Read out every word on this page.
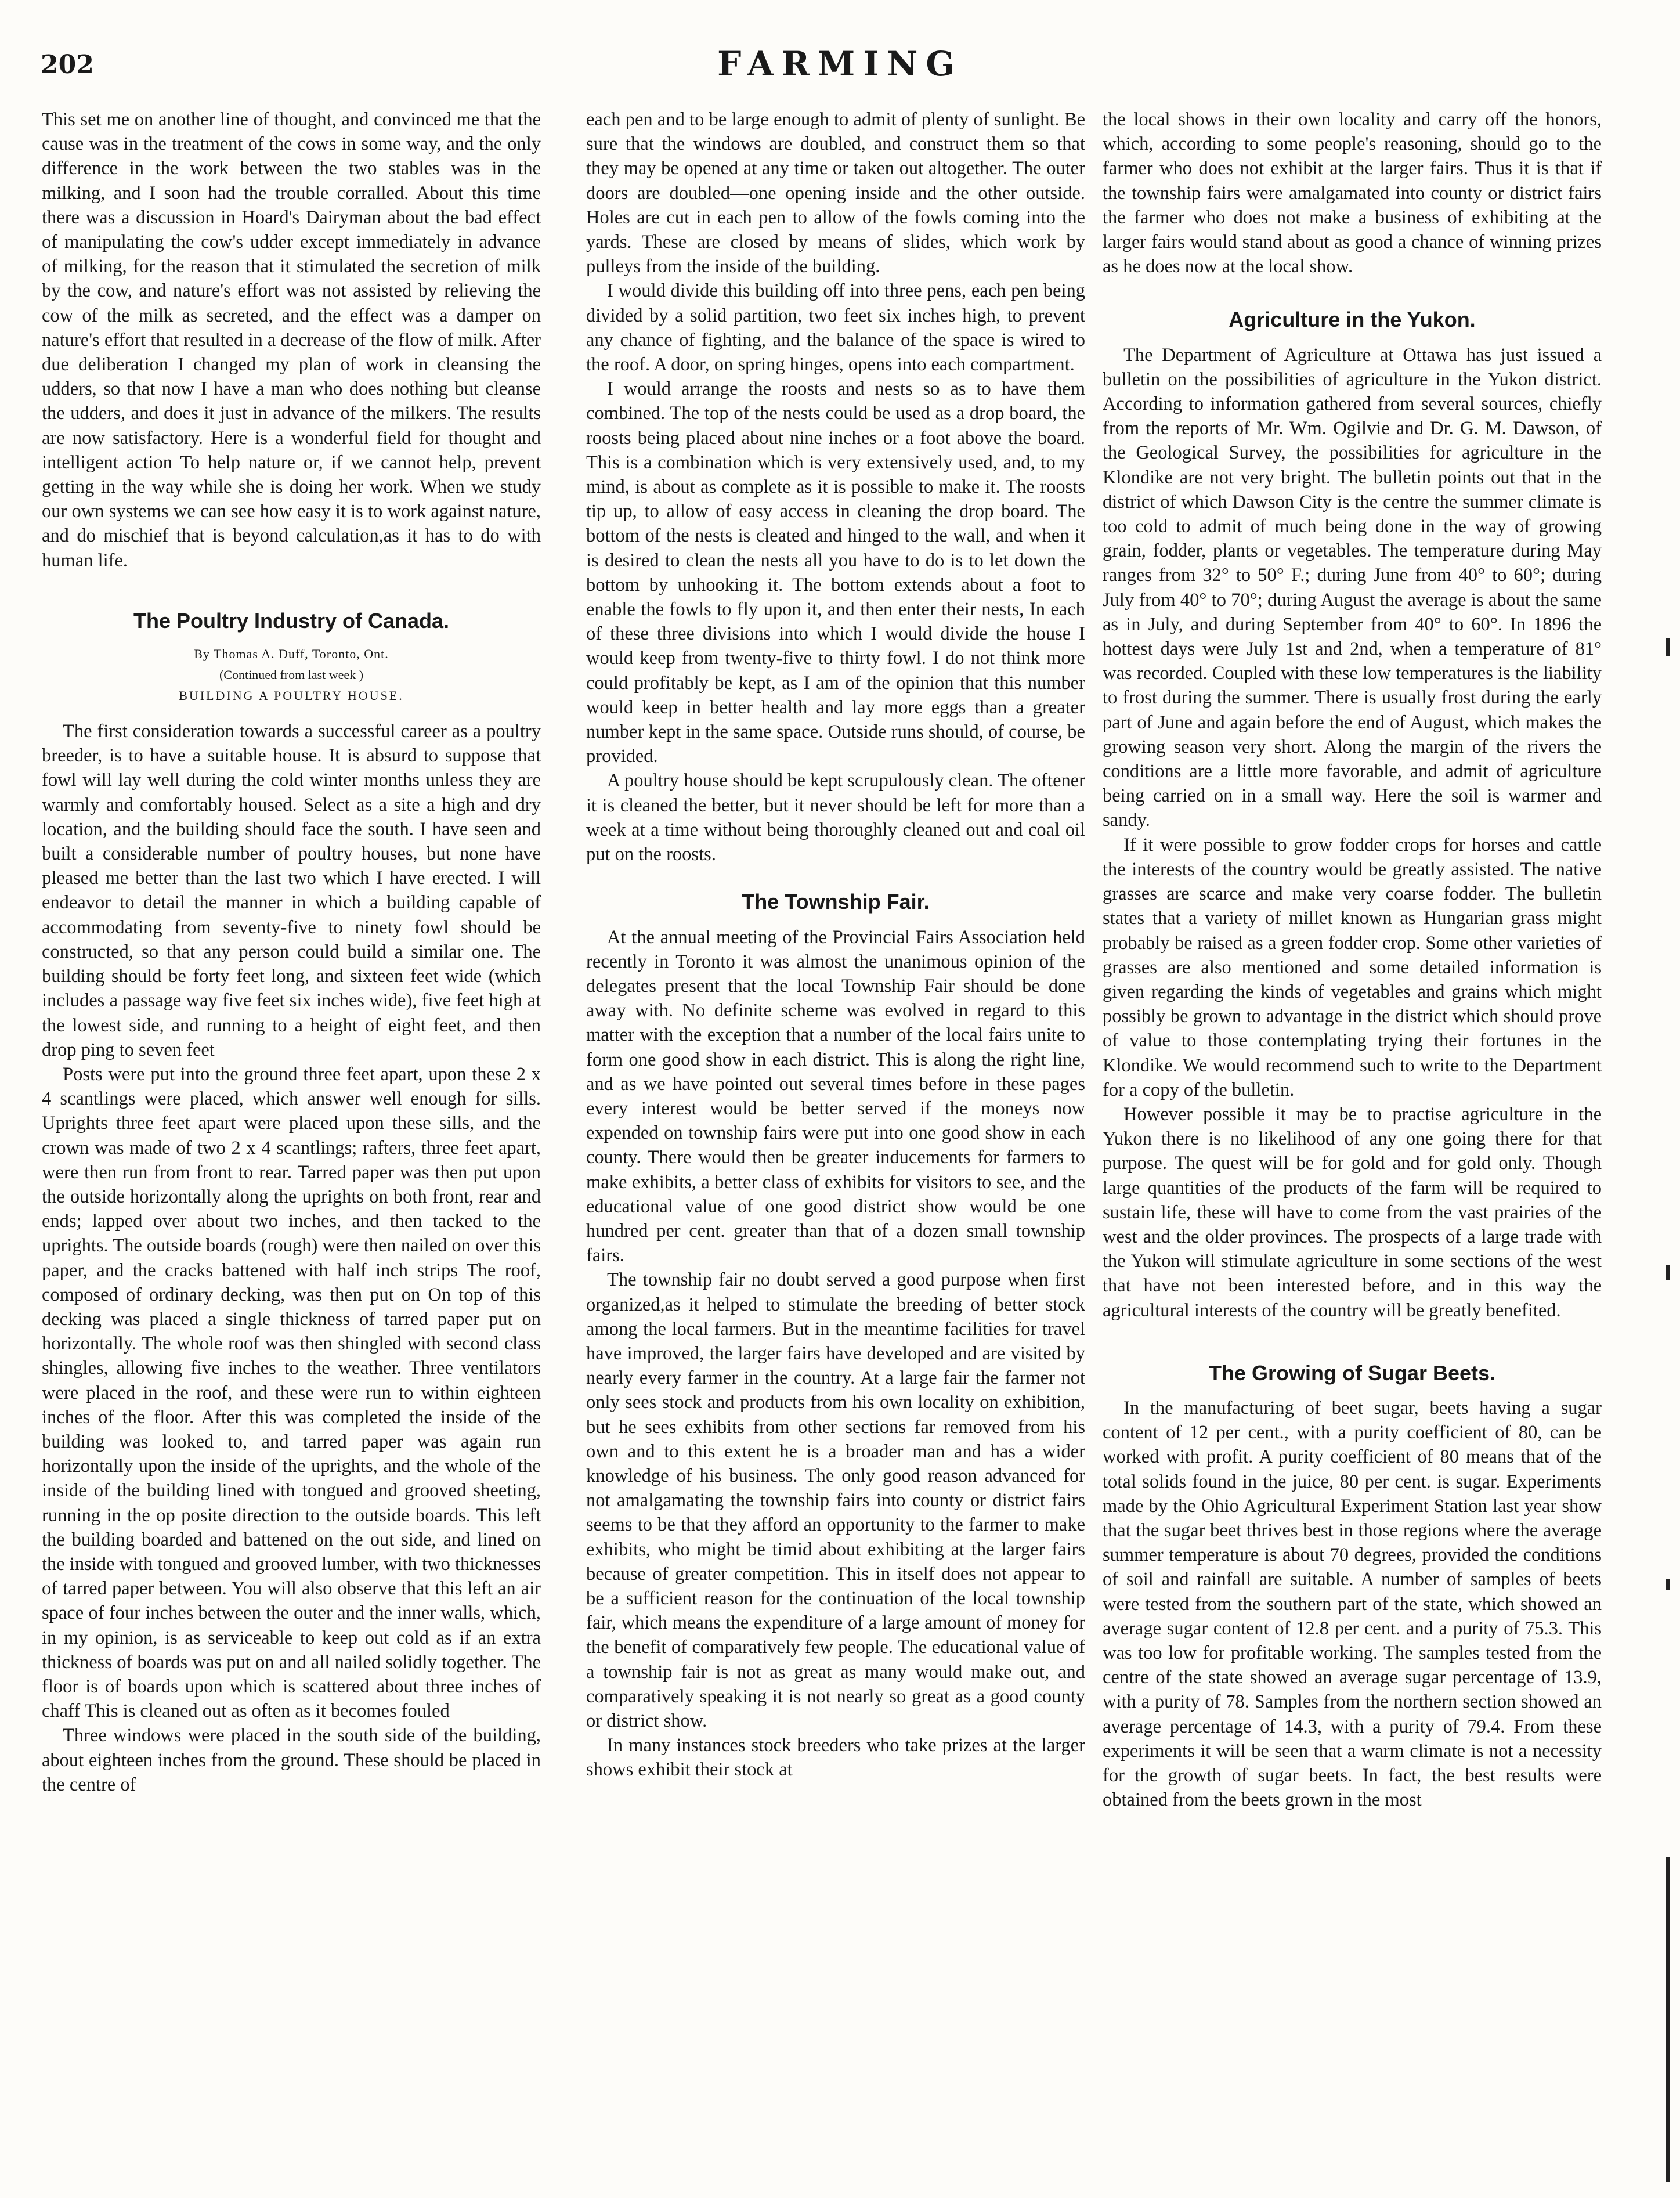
202	FARMING

This set me on another line of thought, and convinced me that the cause was in the treatment of the cows in some way, and the only difference in the work between the two stables was in the milking, and I soon had the trouble corralled. About this time there was a discussion in Hoard's Dairyman about the bad effect of manipulating the cow's udder except immediately in advance of milking, for the reason that it stimulated the secretion of milk by the cow, and nature's effort was not assisted by relieving the cow of the milk as secreted, and the effect was a damper on nature's effort that resulted in a decrease of the flow of milk. After due deliberation I changed my plan of work in cleansing the udders, so that now I have a man who does nothing but cleanse the udders, and does it just in advance of the milkers. The results are now satisfactory. Here is a wonderful field for thought and intelligent action To help nature or, if we cannot help, prevent getting in the way while she is doing her work. When we study our own systems we can see how easy it is to work against nature, and do mischief that is beyond calculation,as it has to do with human life.

The Poultry Industry of Canada.
By Thomas A. Duff, Toronto, Ont.
(Continued from last week )
BUILDING A POULTRY HOUSE.

The first consideration towards a successful career as a poultry breeder, is to have a suitable house. It is absurd to suppose that fowl will lay well during the cold winter months unless they are warmly and comfortably housed. Select as a site a high and dry location, and the building should face the south. I have seen and built a considerable number of poultry houses, but none have pleased me better than the last two which I have erected. I will endeavor to detail the manner in which a building capable of accommodating from seventy-five to ninety fowl should be constructed, so that any person could build a similar one. The building should be forty feet long, and sixteen feet wide (which includes a passage way five feet six inches wide), five feet high at the lowest side, and running to a height of eight feet, and then drop ping to seven feet

Posts were put into the ground three feet apart, upon these 2 x 4 scantlings were placed, which answer well enough for sills. Uprights three feet apart were placed upon these sills, and the crown was made of two 2 x 4 scantlings; rafters, three feet apart, were then run from front to rear. Tarred paper was then put upon the outside horizontally along the uprights on both front, rear and ends; lapped over about two inches, and then tacked to the uprights. The outside boards (rough) were then nailed on over this paper, and the cracks battened with half inch strips The roof, composed of ordinary decking, was then put on On top of this decking was placed a single thickness of tarred paper put on horizontally. The whole roof was then shingled with second class shingles, allowing five inches to the weather. Three ventilators were placed in the roof, and these were run to within eighteen inches of the floor. After this was completed the inside of the building was looked to, and tarred paper was again run horizontally upon the inside of the uprights, and the whole of the inside of the building lined with tongued and grooved sheeting, running in the op posite direction to the outside boards. This left the building boarded and battened on the out side, and lined on the inside with tongued and grooved lumber, with two thicknesses of tarred paper between. You will also observe that this left an air space of four inches between the outer and the inner walls, which, in my opinion, is as serviceable to keep out cold as if an extra thickness of boards was put on and all nailed solidly together. The floor is of boards upon which is scattered about three inches of chaff This is cleaned out as often as it becomes fouled

Three windows were placed in the south side of the building, about eighteen inches from the ground. These should be placed in the centre of

each pen and to be large enough to admit of plenty of sunlight. Be sure that the windows are doubled, and construct them so that they may be opened at any time or taken out altogether. The outer doors are doubled—one opening inside and the other outside. Holes are cut in each pen to allow of the fowls coming into the yards. These are closed by means of slides, which work by pulleys from the inside of the building.

I would divide this building off into three pens, each pen being divided by a solid partition, two feet six inches high, to prevent any chance of fighting, and the balance of the space is wired to the roof. A door, on spring hinges, opens into each compartment.

I would arrange the roosts and nests so as to have them combined. The top of the nests could be used as a drop board, the roosts being placed about nine inches or a foot above the board. This is a combination which is very extensively used, and, to my mind, is about as complete as it is possible to make it. The roosts tip up, to allow of easy access in cleaning the drop board. The bottom of the nests is cleated and hinged to the wall, and when it is desired to clean the nests all you have to do is to let down the bottom by unhooking it. The bottom extends about a foot to enable the fowls to fly upon it, and then enter their nests, In each of these three divisions into which I would divide the house I would keep from twenty-five to thirty fowl. I do not think more could profitably be kept, as I am of the opinion that this number would keep in better health and lay more eggs than a greater number kept in the same space. Outside runs should, of course, be provided.

A poultry house should be kept scrupulously clean. The oftener it is cleaned the better, but it never should be left for more than a week at a time without being thoroughly cleaned out and coal oil put on the roosts.

The Township Fair.

At the annual meeting of the Provincial Fairs Association held recently in Toronto it was almost the unanimous opinion of the delegates present that the local Township Fair should be done away with. No definite scheme was evolved in regard to this matter with the exception that a number of the local fairs unite to form one good show in each district. This is along the right line, and as we have pointed out several times before in these pages every interest would be better served if the moneys now expended on township fairs were put into one good show in each county. There would then be greater inducements for farmers to make exhibits, a better class of exhibits for visitors to see, and the educational value of one good district show would be one hundred per cent. greater than that of a dozen small township fairs.

The township fair no doubt served a good purpose when first organized,as it helped to stimulate the breeding of better stock among the local farmers. But in the meantime facilities for travel have improved, the larger fairs have developed and are visited by nearly every farmer in the country. At a large fair the farmer not only sees stock and products from his own locality on exhibition, but he sees exhibits from other sections far removed from his own and to this extent he is a broader man and has a wider knowledge of his business. The only good reason advanced for not amalgamating the township fairs into county or district fairs seems to be that they afford an opportunity to the farmer to make exhibits, who might be timid about exhibiting at the larger fairs because of greater competition. This in itself does not appear to be a sufficient reason for the continuation of the local township fair, which means the expenditure of a large amount of money for the benefit of comparatively few people. The educational value of a township fair is not as great as many would make out, and comparatively speaking it is not nearly so great as a good county or district show.

In many instances stock breeders who take prizes at the larger shows exhibit their stock at

the local shows in their own locality and carry off the honors, which, according to some people's reasoning, should go to the farmer who does not exhibit at the larger fairs. Thus it is that if the township fairs were amalgamated into county or district fairs the farmer who does not make a business of exhibiting at the larger fairs would stand about as good a chance of winning prizes as he does now at the local show.

Agriculture in the Yukon.

The Department of Agriculture at Ottawa has just issued a bulletin on the possibilities of agriculture in the Yukon district. According to information gathered from several sources, chiefly from the reports of Mr. Wm. Ogilvie and Dr. G. M. Dawson, of the Geological Survey, the possibilities for agriculture in the Klondike are not very bright. The bulletin points out that in the district of which Dawson City is the centre the summer climate is too cold to admit of much being done in the way of growing grain, fodder, plants or vegetables. The temperature during May ranges from 32° to 50° F.; during June from 40° to 60°; during July from 40° to 70°; during August the average is about the same as in July, and during September from 40° to 60°. In 1896 the hottest days were July 1st and 2nd, when a temperature of 81° was recorded. Coupled with these low temperatures is the liability to frost during the summer. There is usually frost during the early part of June and again before the end of August, which makes the growing season very short. Along the margin of the rivers the conditions are a little more favorable, and admit of agriculture being carried on in a small way. Here the soil is warmer and sandy.

If it were possible to grow fodder crops for horses and cattle the interests of the country would be greatly assisted. The native grasses are scarce and make very coarse fodder. The bulletin states that a variety of millet known as Hungarian grass might probably be raised as a green fodder crop. Some other varieties of grasses are also mentioned and some detailed information is given regarding the kinds of vegetables and grains which might possibly be grown to advantage in the district which should prove of value to those contemplating trying their fortunes in the Klondike. We would recommend such to write to the Department for a copy of the bulletin.

However possible it may be to practise agriculture in the Yukon there is no likelihood of any one going there for that purpose. The quest will be for gold and for gold only. Though large quantities of the products of the farm will be required to sustain life, these will have to come from the vast prairies of the west and the older provinces. The prospects of a large trade with the Yukon will stimulate agriculture in some sections of the west that have not been interested before, and in this way the agricultural interests of the country will be greatly benefited.

The Growing of Sugar Beets.

In the manufacturing of beet sugar, beets having a sugar content of 12 per cent., with a purity coefficient of 80, can be worked with profit. A purity coefficient of 80 means that of the total solids found in the juice, 80 per cent. is sugar. Experiments made by the Ohio Agricultural Experiment Station last year show that the sugar beet thrives best in those regions where the average summer temperature is about 70 degrees, provided the conditions of soil and rainfall are suitable. A number of samples of beets were tested from the southern part of the state, which showed an average sugar content of 12.8 per cent. and a purity of 75.3. This was too low for profitable working. The samples tested from the centre of the state showed an average sugar percentage of 13.9, with a purity of 78. Samples from the northern section showed an average percentage of 14.3, with a purity of 79.4. From these experiments it will be seen that a warm climate is not a necessity for the growth of sugar beets. In fact, the best results were obtained from the beets grown in the most
